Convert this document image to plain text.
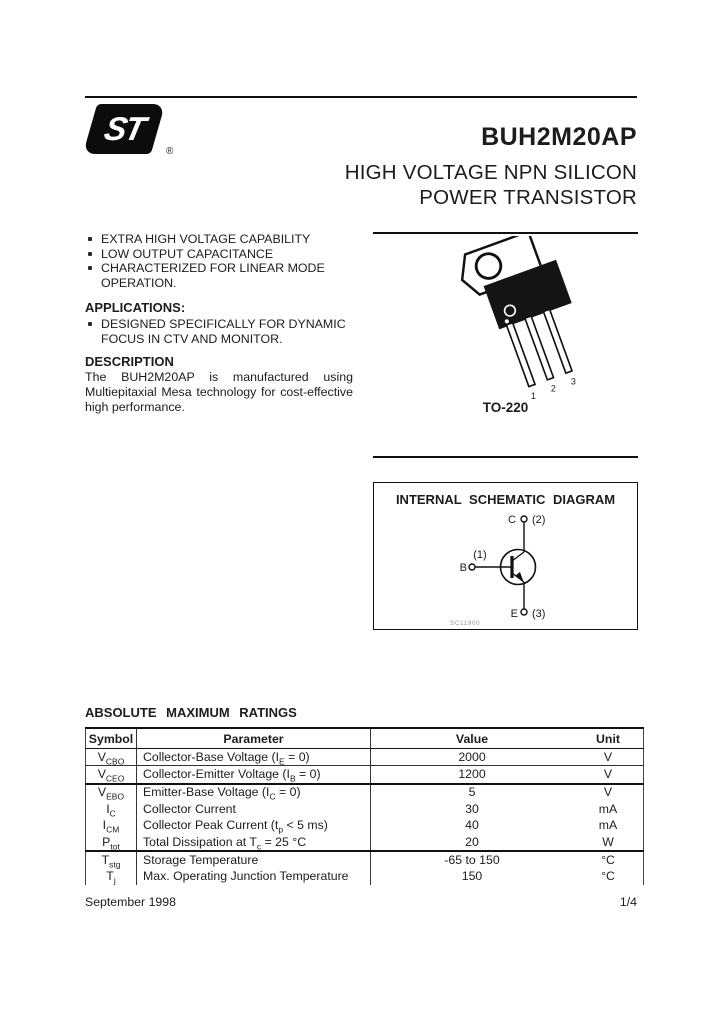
ST
®
BUH2M20AP
HIGH VOLTAGE NPN SILICON
POWER TRANSISTOR
EXTRA HIGH VOLTAGE CAPABILITY
LOW OUTPUT CAPACITANCE
CHARACTERIZED FOR LINEAR MODE
OPERATION.
APPLICATIONS:
DESIGNED SPECIFICALLY FOR DYNAMIC
FOCUS IN CTV AND MONITOR.
DESCRIPTION
The BUH2M20AP is manufactured using Multiepitaxial Mesa technology for cost-effective high performance.
1
2
3
TO-220
INTERNAL SCHEMATIC DIAGRAM
C (2)
(1)
B
E (3)
SC11900
ABSOLUTE MAXIMUM RATINGS
Symbol	Parameter	Value	Unit
$V_{CBO}$	Collector-Base Voltage $(I_E = 0)$	2000	V
$V_{CEO}$	Collector-Emitter Voltage $(I_B = 0)$	1200	V
$V_{EBO}$	Emitter-Base Voltage $(I_C = 0)$	5	V
$I_C$	Collector Current	30	mA
$I_{CM}$	Collector Peak Current ($t_p < 5$ ms)	40	mA
$P_{tot}$	Total Dissipation at $T_c = 25$ °C	20	W
$T_{stg}$	Storage Temperature	-65 to 150	°C
$T_j$	Max. Operating Junction Temperature	150	°C
September 1998	1/4
